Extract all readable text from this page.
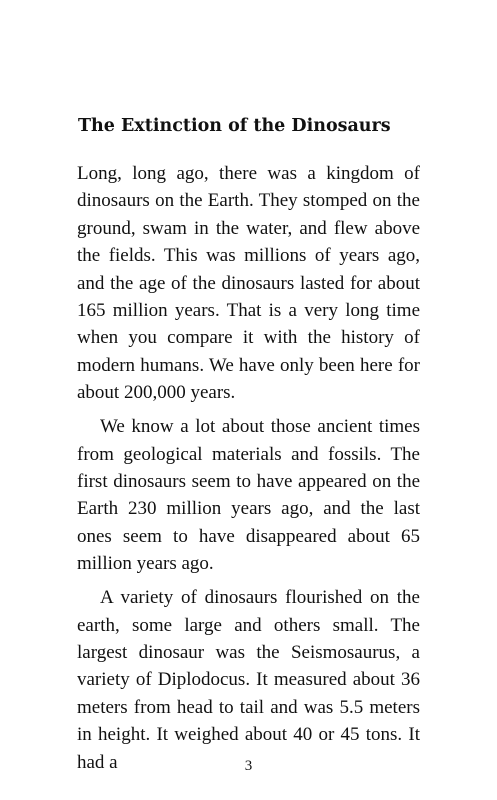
The Extinction of the Dinosaurs

Long, long ago, there was a kingdom of dinosaurs on the Earth. They stomped on the ground, swam in the water, and flew above the fields. This was millions of years ago, and the age of the dinosaurs lasted for about 165 million years. That is a very long time when you compare it with the history of modern humans. We have only been here for about 200,000 years.

We know a lot about those ancient times from geological materials and fossils. The first dinosaurs seem to have appeared on the Earth 230 million years ago, and the last ones seem to have disappeared about 65 million years ago.

A variety of dinosaurs flourished on the earth, some large and others small. The largest dinosaur was the Seismosaurus, a variety of Diplodocus. It measured about 36 meters from head to tail and was 5.5 meters in height. It weighed about 40 or 45 tons. It had a	3
